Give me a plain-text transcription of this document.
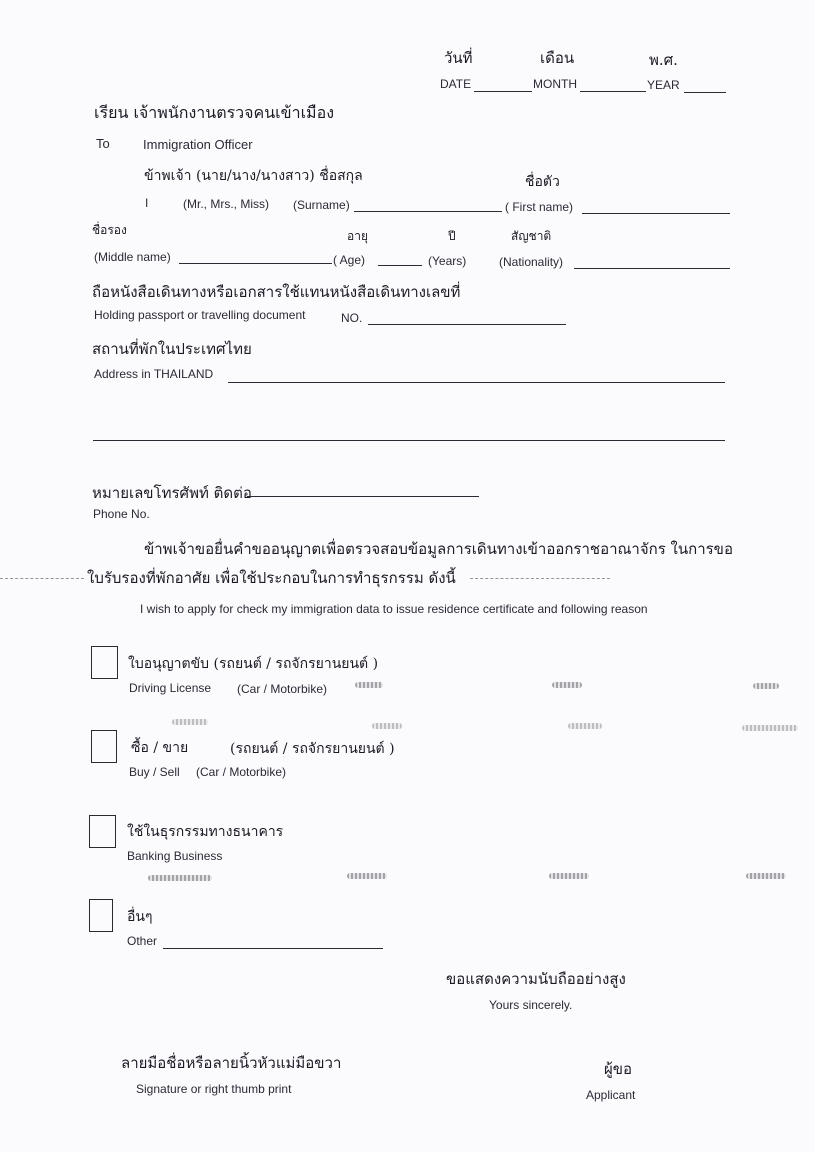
วันที่	เดือน	พ.ศ.
DATE	MONTH	YEAR
เรียน เจ้าพนักงานตรวจคนเข้าเมือง
To	Immigration Officer
ข้าพเจ้า (นาย/นาง/นางสาว) ชื่อสกุล	ชื่อตัว
I	(Mr., Mrs., Miss) (Surname)	( First name)
ชื่อรอง	อายุ	ปี	สัญชาติ
(Middle name)	( Age)	(Years)	(Nationality)
ถือหนังสือเดินทางหรือเอกสารใช้แทนหนังสือเดินทางเลขที่
Holding passport or travelling document	NO.
สถานที่พักในประเทศไทย
Address in THAILAND
หมายเลขโทรศัพท์ ติดต่อ
Phone No.
ข้าพเจ้าขอยื่นคำขออนุญาตเพื่อตรวจสอบข้อมูลการเดินทางเข้าออกราชอาณาจักร ในการขอ
ใบรับรองที่พักอาศัย เพื่อใช้ประกอบในการทำธุรกรรม ดังนี้
I wish to apply for check my immigration data to issue residence certificate and following reason
ใบอนุญาตขับ (รถยนต์ / รถจักรยานยนต์ )
Driving License (Car / Motorbike)
ซื้อ / ขาย	(รถยนต์ / รถจักรยานยนต์ )
Buy / Sell (Car / Motorbike)
ใช้ในธุรกรรมทางธนาคาร
Banking Business
อื่นๆ
Other
ขอแสดงความนับถืออย่างสูง
Yours sincerely.
ลายมือชื่อหรือลายนิ้วหัวแม่มือขวา
Signature or right thumb print
ผู้ขอ
Applicant
